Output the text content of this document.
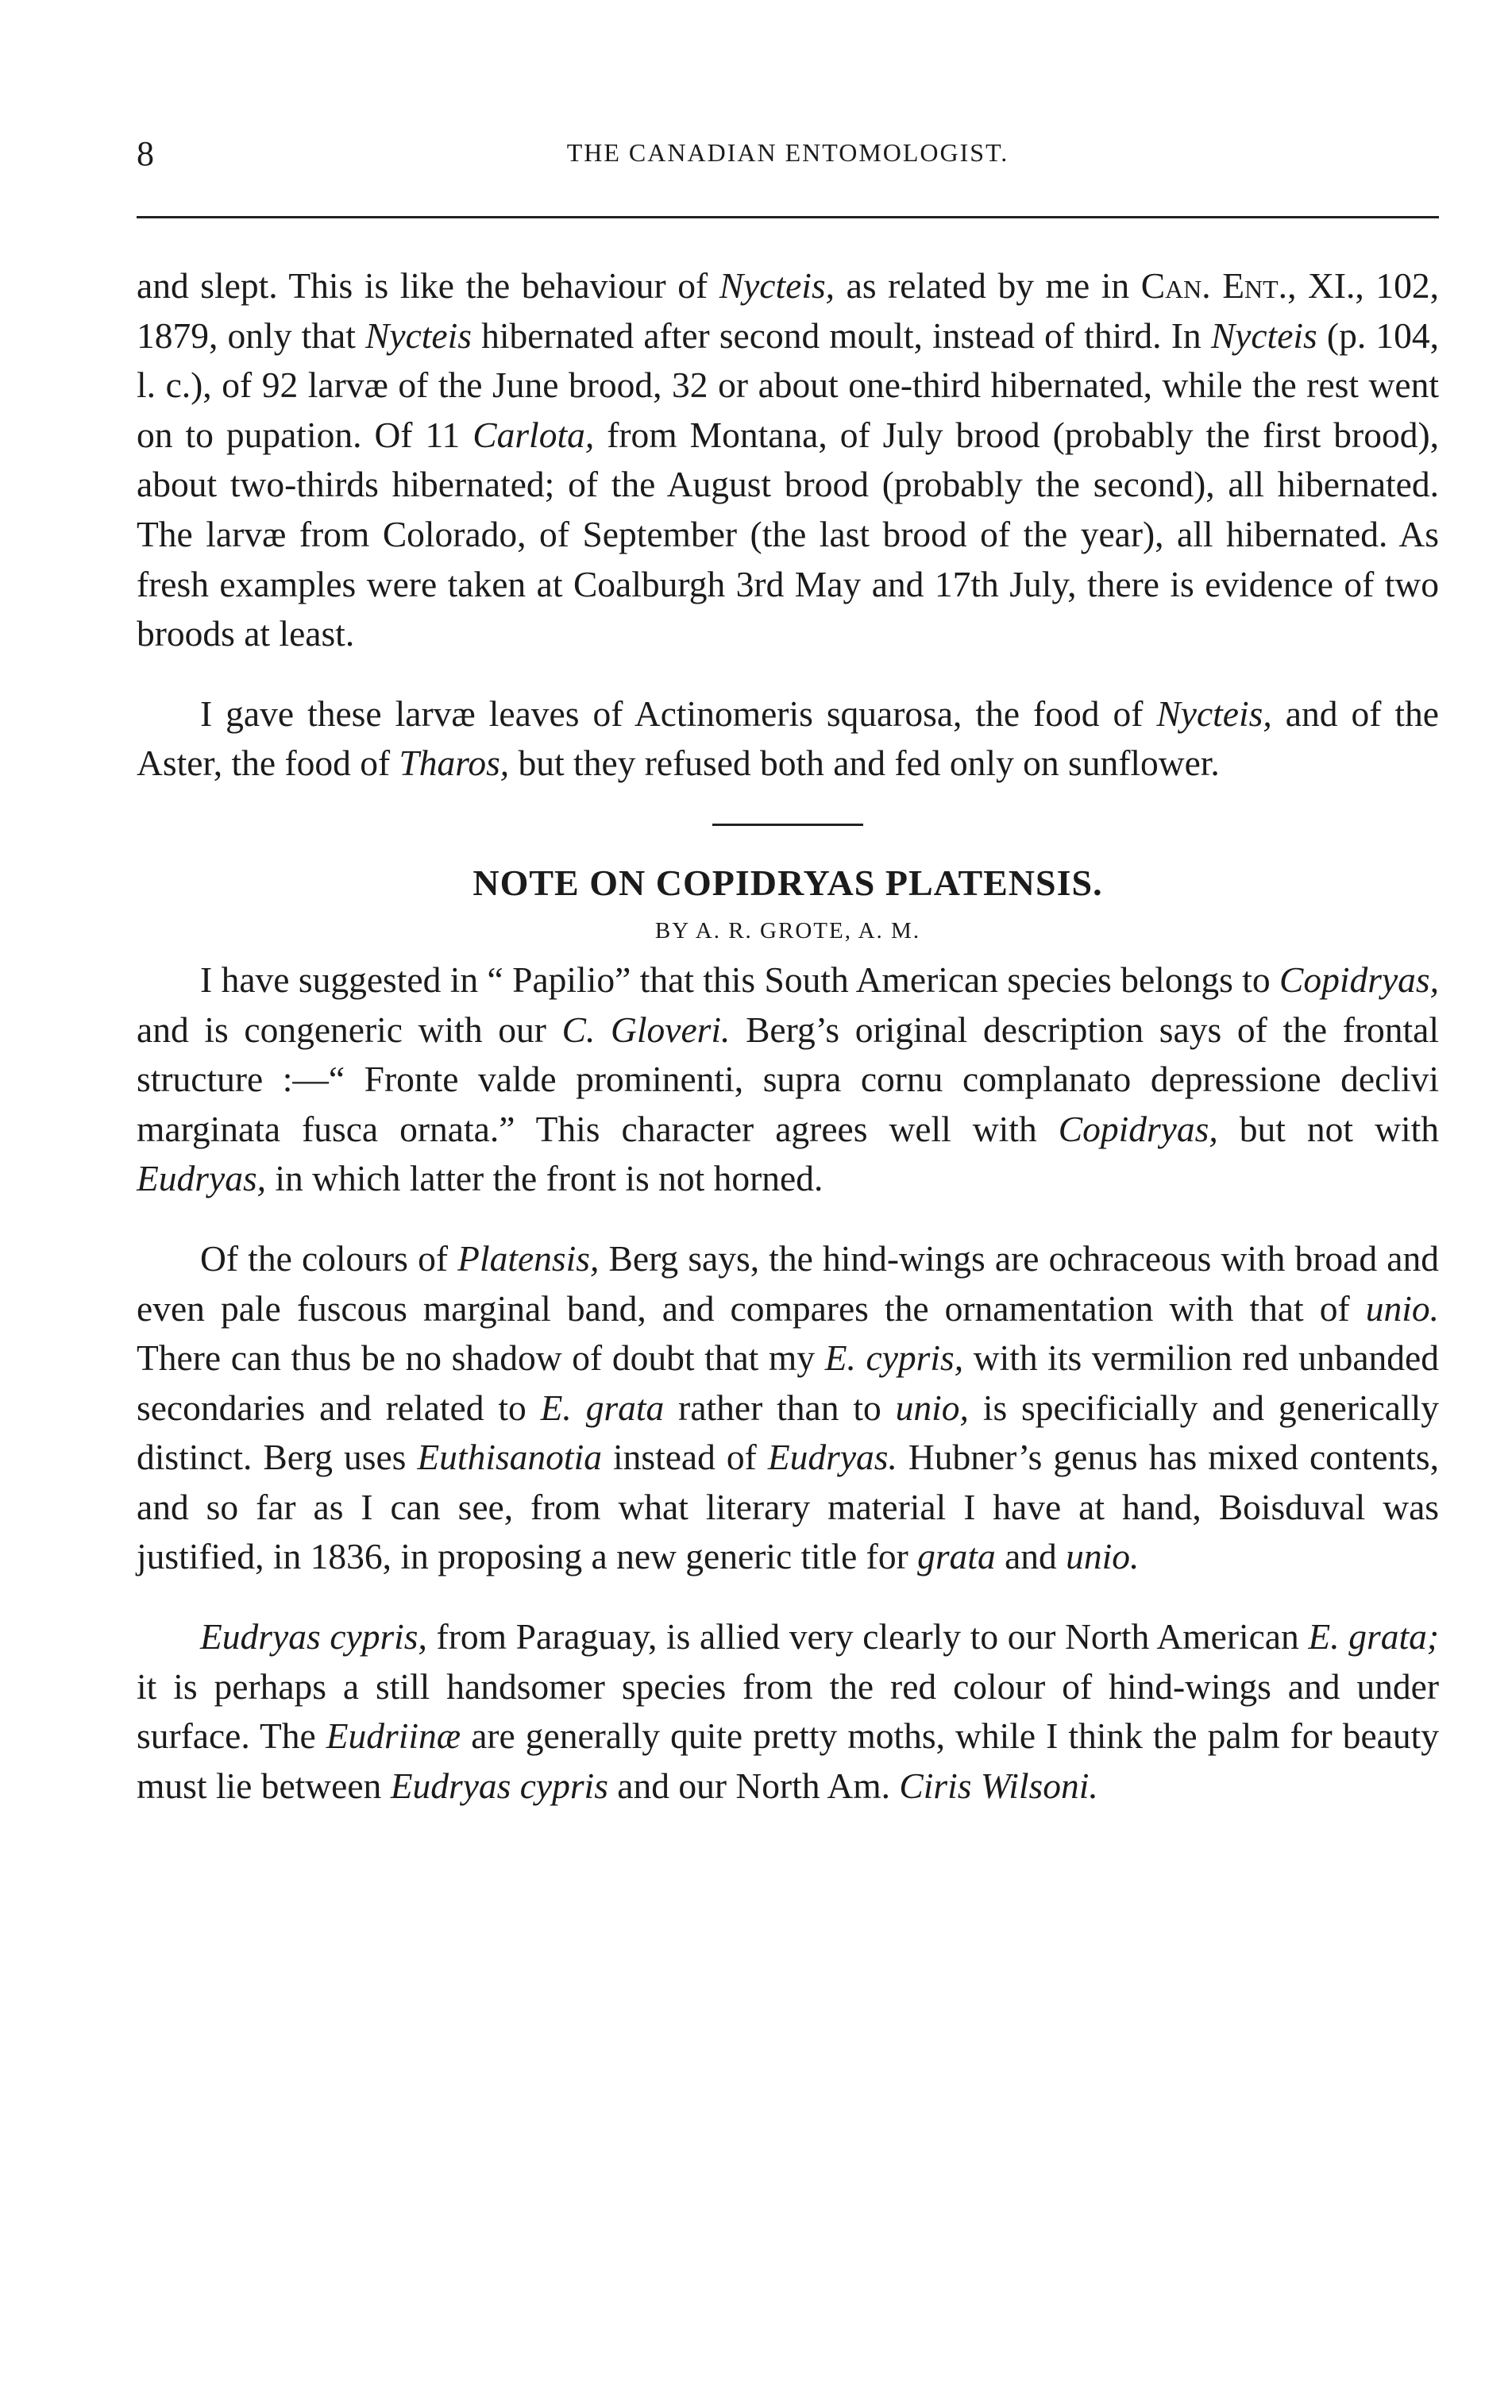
8	THE CANADIAN ENTOMOLOGIST.

and slept. This is like the behaviour of Nycteis, as related by me in Can. Ent., XI., 102, 1879, only that Nycteis hibernated after second moult, instead of third. In Nycteis (p. 104, l. c.), of 92 larvæ of the June brood, 32 or about one-third hibernated, while the rest went on to pupation. Of 11 Carlota, from Montana, of July brood (probably the first brood), about two-thirds hibernated; of the August brood (probably the second), all hibernated. The larvæ from Colorado, of September (the last brood of the year), all hibernated. As fresh examples were taken at Coalburgh 3rd May and 17th July, there is evidence of two broods at least.

I gave these larvæ leaves of Actinomeris squarosa, the food of Nycteis, and of the Aster, the food of Tharos, but they refused both and fed only on sunflower.

NOTE ON COPIDRYAS PLATENSIS.
BY A. R. GROTE, A. M.

I have suggested in “ Papilio” that this South American species belongs to Copidryas, and is congeneric with our C. Gloveri. Berg’s original description says of the frontal structure :—“ Fronte valde prominenti, supra cornu complanato depressione declivi marginata fusca ornata.” This character agrees well with Copidryas, but not with Eudryas, in which latter the front is not horned.

Of the colours of Platensis, Berg says, the hind-wings are ochraceous with broad and even pale fuscous marginal band, and compares the ornamentation with that of unio. There can thus be no shadow of doubt that my E. cypris, with its vermilion red unbanded secondaries and related to E. grata rather than to unio, is specificially and generically distinct. Berg uses Euthisanotia instead of Eudryas. Hubner’s genus has mixed contents, and so far as I can see, from what literary material I have at hand, Boisduval was justified, in 1836, in proposing a new generic title for grata and unio.

Eudryas cypris, from Paraguay, is allied very clearly to our North American E. grata; it is perhaps a still handsomer species from the red colour of hind-wings and under surface. The Eudriinæ are generally quite pretty moths, while I think the palm for beauty must lie between Eudryas cypris and our North Am. Ciris Wilsoni.
